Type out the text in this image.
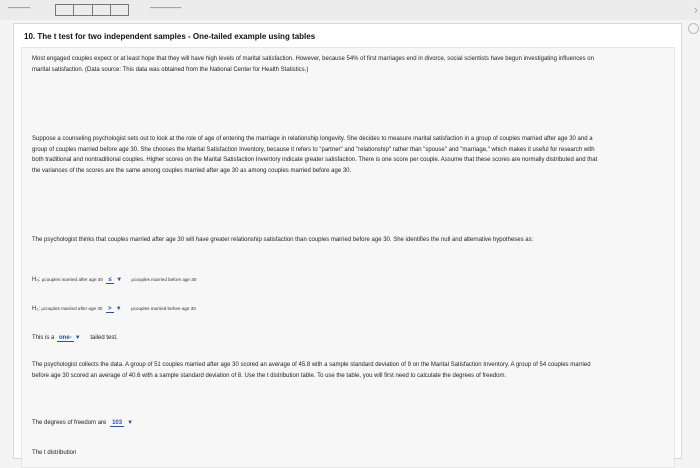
‒‒‒‒‒	‒‒‒‒‒‒‒	›
10. The t test for two independent samples - One-tailed example using tables

Most engaged couples expect or at least hope that they will have high levels of marital satisfaction. However, because 54% of first marriages end in divorce, social scientists have begun investigating influences on marital satisfaction. (Data source: This data was obtained from the National Center for Health Statistics.)

Suppose a counseling psychologist sets out to look at the role of age of entering the marriage in relationship longevity. She decides to measure marital satisfaction in a group of couples married after age 30 and a group of couples married before age 30. She chooses the Marital Satisfaction Inventory, because it refers to "partner" and "relationship" rather than "spouse" and "marriage," which makes it useful for research with both traditional and nontraditional couples. Higher scores on the Marital Satisfaction Inventory indicate greater satisfaction. There is one score per couple. Assume that these scores are normally distributed and that the variances of the scores are the same among couples married after age 30 as among couples married before age 30.

The psychologist thinks that couples married after age 30 will have greater relationship satisfaction than couples married before age 30. She identifies the null and alternative hypotheses as:

H₀: μcouples married after age 30 ≤ ▼ μcouples married before age 30
H₁: μcouples married after age 30 > ▼ μcouples married before age 30
This is a one- ▼ tailed test.

The psychologist collects the data. A group of 51 couples married after age 30 scored an average of 45.8 with a sample standard deviation of 9 on the Marital Satisfaction Inventory. A group of 54 couples married before age 30 scored an average of 40.6 with a sample standard deviation of 8. Use the t distribution table. To use the table, you will first need to calculate the degrees of freedom.

The degrees of freedom are 103 ▼
The t distribution
